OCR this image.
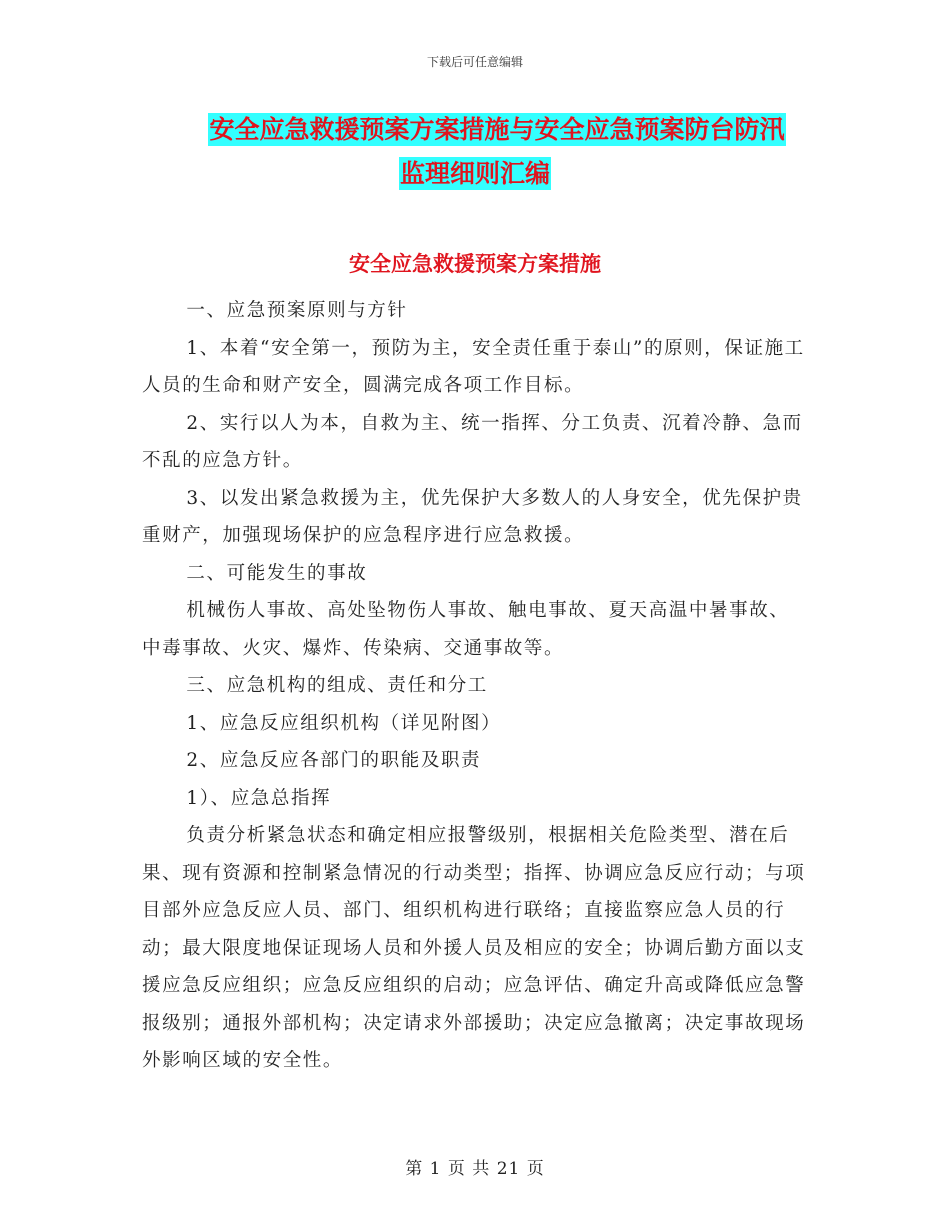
下载后可任意编辑
安全应急救援预案方案措施与安全应急预案防台防汛
监理细则汇编
安全应急救援预案方案措施

一、应急预案原则与方针

1、本着“安全第一，预防为主，安全责任重于泰山”的原则，保证施工人员的生命和财产安全，圆满完成各项工作目标。

2、实行以人为本，自救为主、统一指挥、分工负责、沉着冷静、急而不乱的应急方针。

3、以发出紧急救援为主，优先保护大多数人的人身安全，优先保护贵重财产，加强现场保护的应急程序进行应急救援。

二、可能发生的事故

机械伤人事故、高处坠物伤人事故、触电事故、夏天高温中暑事故、中毒事故、火灾、爆炸、传染病、交通事故等。

三、应急机构的组成、责任和分工

1、应急反应组织机构（详见附图）

2、应急反应各部门的职能及职责

1）、应急总指挥

负责分析紧急状态和确定相应报警级别，根据相关危险类型、潜在后果、现有资源和控制紧急情况的行动类型；指挥、协调应急反应行动；与项目部外应急反应人员、部门、组织机构进行联络；直接监察应急人员的行动；最大限度地保证现场人员和外援人员及相应的安全；协调后勤方面以支援应急反应组织；应急反应组织的启动；应急评估、确定升高或降低应急警报级别；通报外部机构；决定请求外部援助；决定应急撤离；决定事故现场外影响区域的安全性。

第 1 页 共 21 页
